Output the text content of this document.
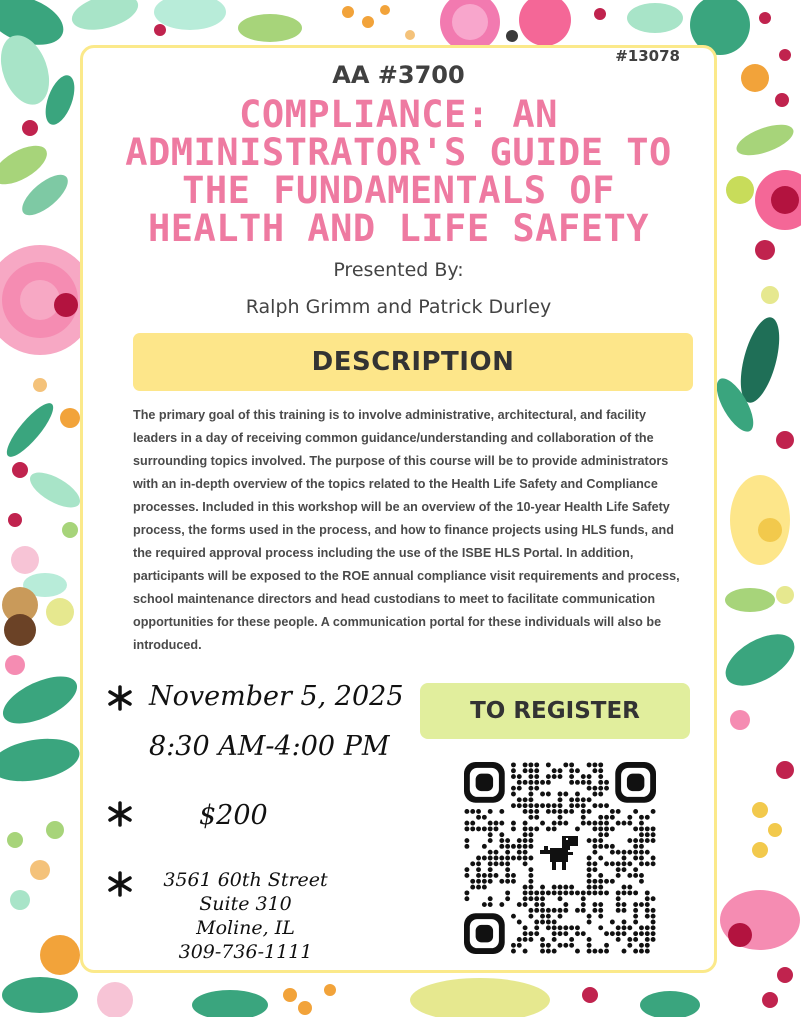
#13078
AA #3700
COMPLIANCE: AN
ADMINISTRATOR'S GUIDE TO
THE FUNDAMENTALS OF
HEALTH AND LIFE SAFETY
Presented By:
Ralph Grimm and Patrick Durley
DESCRIPTION
The primary goal of this training is to involve administrative, architectural, and facility leaders in a day of receiving common guidance/understanding and collaboration of the surrounding topics involved. The purpose of this course will be to provide administrators with an in-depth overview of the topics related to the Health Life Safety and Compliance processes. Included in this workshop will be an overview of the 10-year Health Life Safety process, the forms used in the process, and how to finance projects using HLS funds, and the required approval process including the use of the ISBE HLS Portal. In addition, participants will be exposed to the ROE annual compliance visit requirements and process, school maintenance directors and head custodians to meet to facilitate communication opportunities for these people. A communication portal for these individuals will also be introduced.
November 5, 2025
8:30 AM-4:00 PM
$200
3561 60th Street
Suite 310
Moline, IL
309-736-1111
TO REGISTER
